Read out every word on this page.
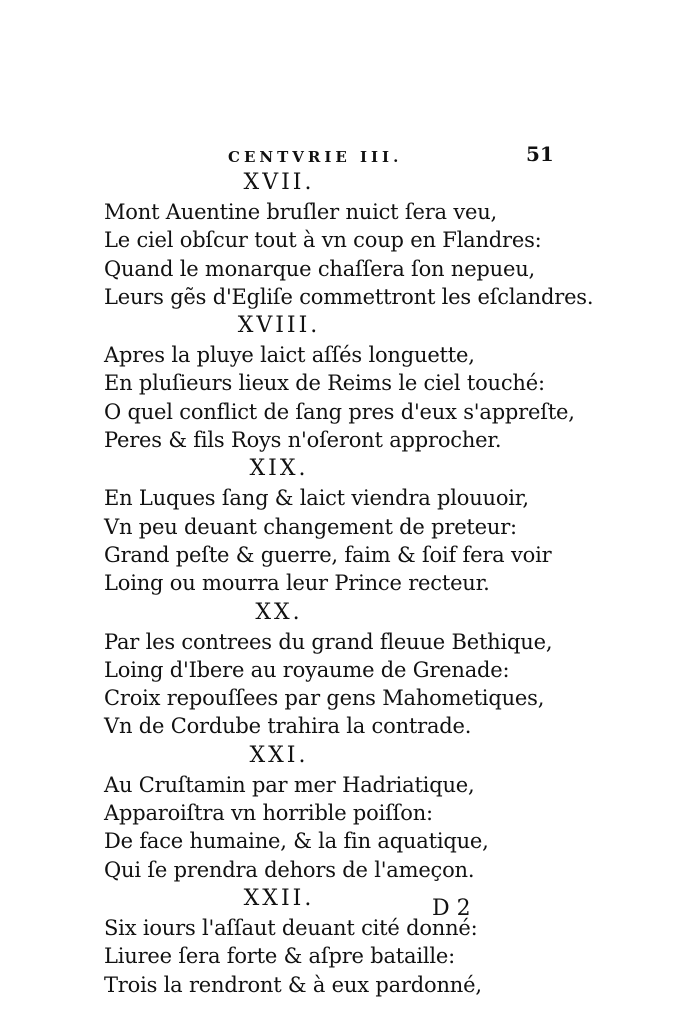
CENTVRIE III.	51
XVII.
Mont Auentine bruſler nuict ſera veu,
Le ciel obſcur tout à vn coup en Flandres:
Quand le monarque chaſſera ſon nepueu,
Leurs gẽs d'Egliſe commettront les eſclandres.
XVIII.
Apres la pluye laict aſſés longuette,
En pluſieurs lieux de Reims le ciel touché:
O quel conflict de ſang pres d'eux s'appreſte,
Peres & fils Roys n'oſeront approcher.
XIX.
En Luques ſang & laict viendra plouuoir,
Vn peu deuant changement de preteur:
Grand peſte & guerre, faim & ſoif fera voir
Loing ou mourra leur Prince recteur.
XX.
Par les contrees du grand fleuue Bethique,
Loing d'Ibere au royaume de Grenade:
Croix repouſſees par gens Mahometiques,
Vn de Cordube trahira la contrade.
XXI.
Au Cruſtamin par mer Hadriatique,
Apparoiſtra vn horrible poiſſon:
De face humaine, & la fin aquatique,
Qui ſe prendra dehors de l'ameçon.
XXII.
Six iours l'aſſaut deuant cité donné:
Liuree ſera forte & aſpre bataille:
Trois la rendront & à eux pardonné,
D 2
